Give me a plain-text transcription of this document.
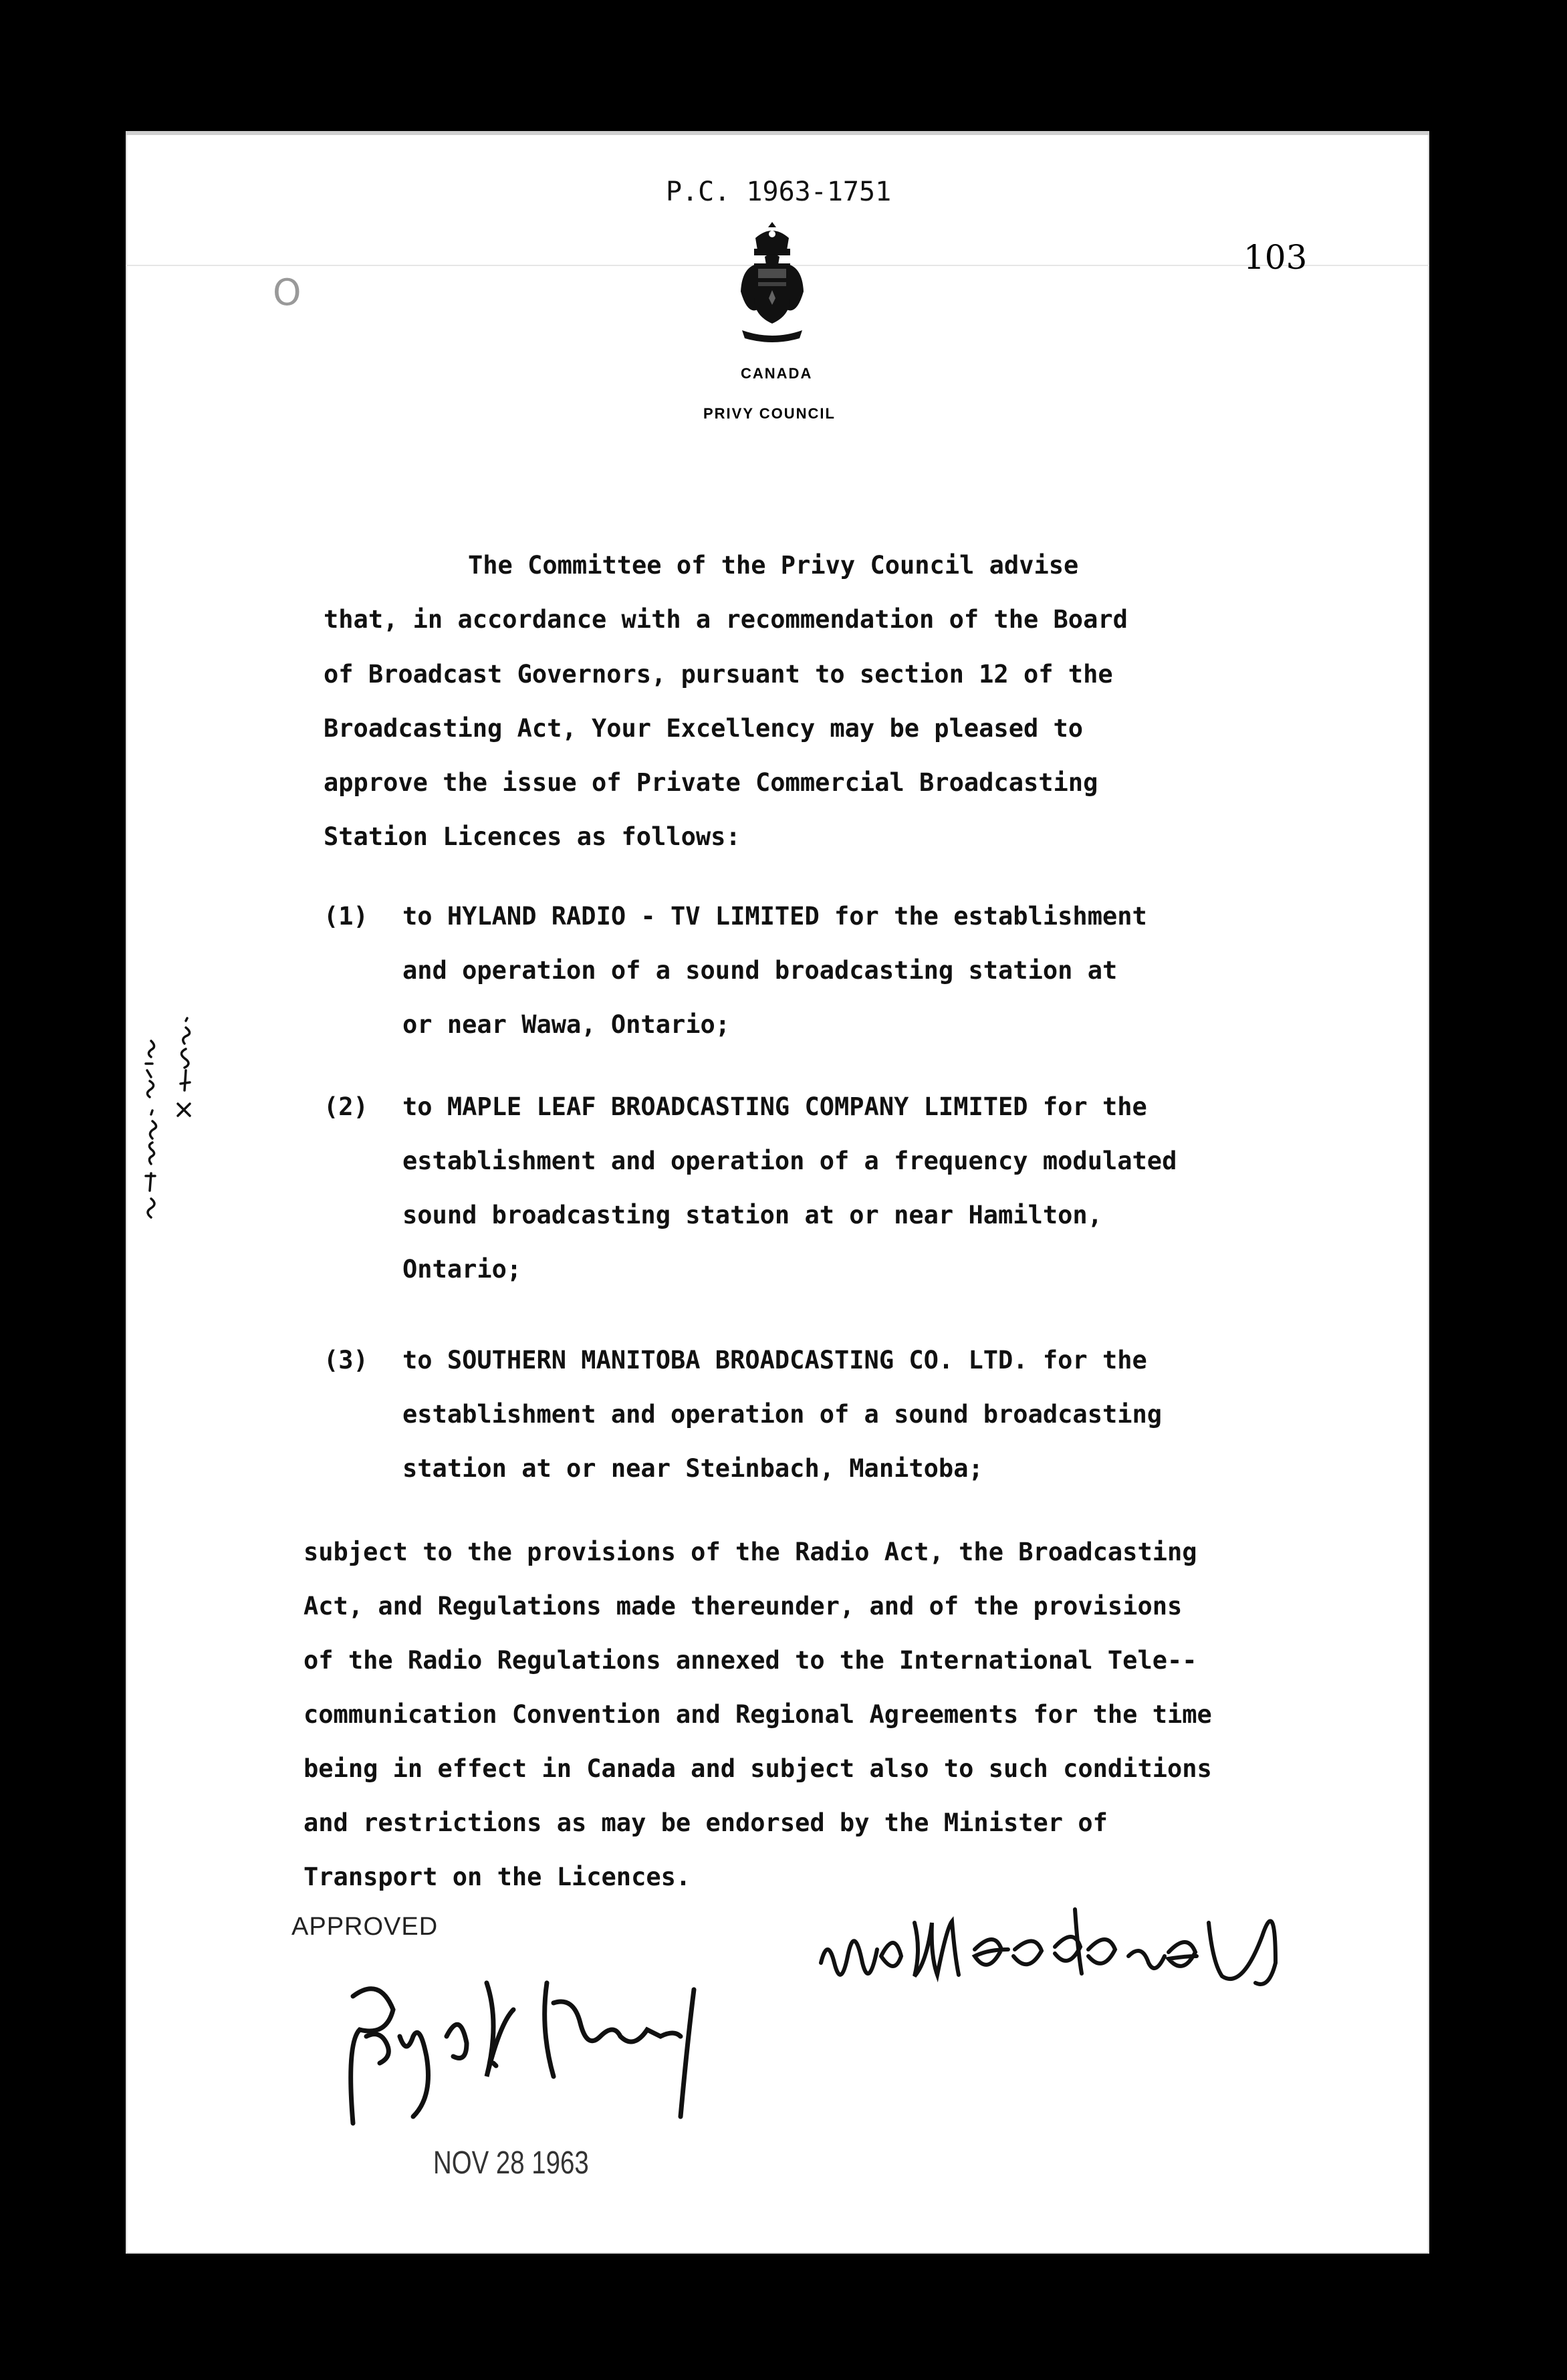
P.C. 1963-1751
103
O
CANADA
PRIVY COUNCIL
The Committee of the Privy Council advise
that, in accordance with a recommendation of the Board
of Broadcast Governors, pursuant to section 12 of the
Broadcasting Act, Your Excellency may be pleased to
approve the issue of Private Commercial Broadcasting
Station Licences as follows:
(1) to HYLAND RADIO - TV LIMITED for the establishment
and operation of a sound broadcasting station at
or near Wawa, Ontario;
(2) to MAPLE LEAF BROADCASTING COMPANY LIMITED for the
establishment and operation of a frequency modulated
sound broadcasting station at or near Hamilton,
Ontario;
(3) to SOUTHERN MANITOBA BROADCASTING CO. LTD. for the
establishment and operation of a sound broadcasting
station at or near Steinbach, Manitoba;
subject to the provisions of the Radio Act, the Broadcasting
Act, and Regulations made thereunder, and of the provisions
of the Radio Regulations annexed to the International Tele--
communication Convention and Regional Agreements for the time
being in effect in Canada and subject also to such conditions
and restrictions as may be endorsed by the Minister of
Transport on the Licences.
APPROVED
NOV 28 1963
